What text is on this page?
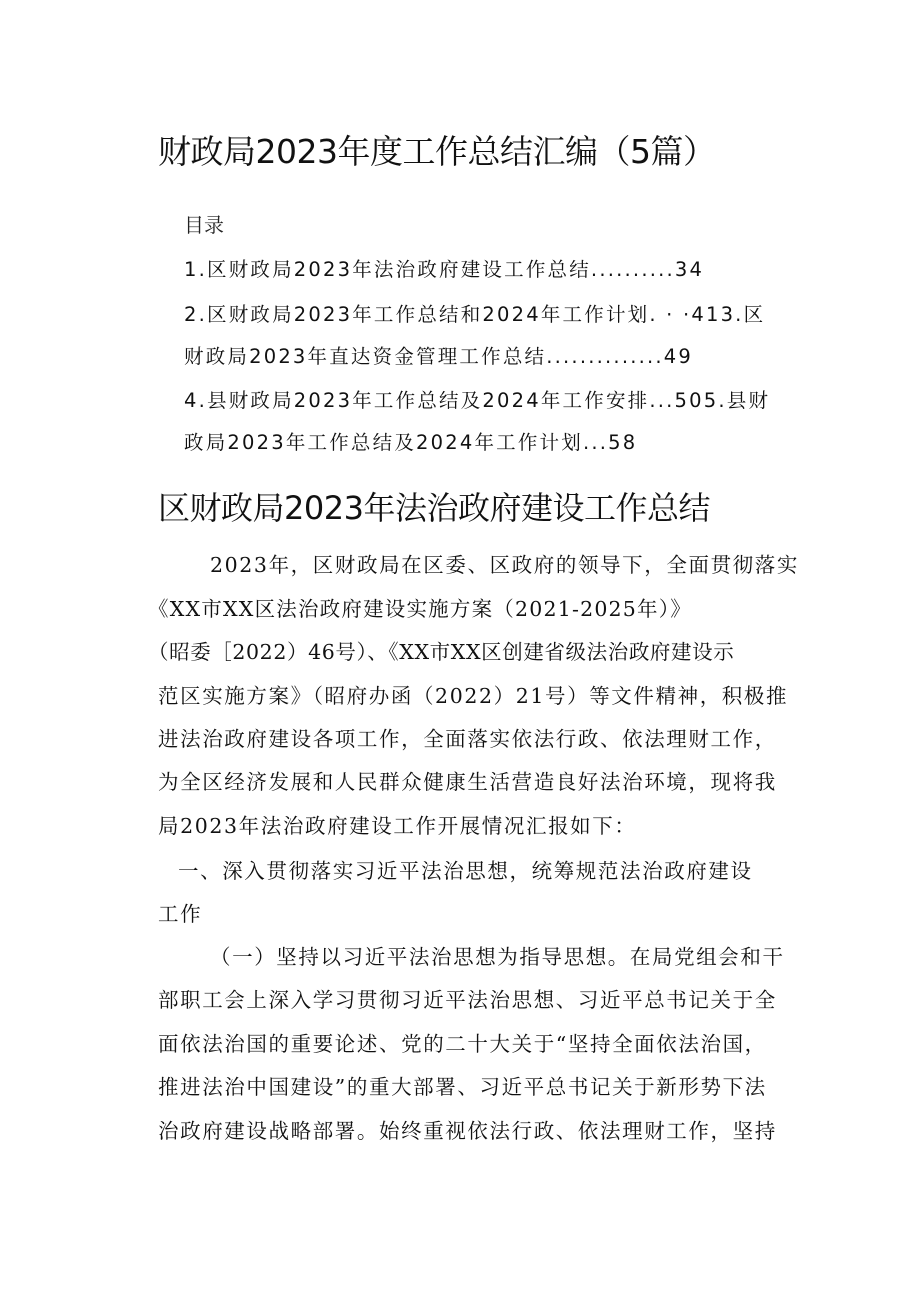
财政局2023年度工作总结汇编（5篇）
目录
1.区财政局2023年法治政府建设工作总结..........34
2.区财政局2023年工作总结和2024年工作计划. · ·413.区
财政局2023年直达资金管理工作总结..............49
4.县财政局2023年工作总结及2024年工作安排...505.县财
政局2023年工作总结及2024年工作计划...58
区财政局2023年法治政府建设工作总结
2023年，区财政局在区委、区政府的领导下，全面贯彻落实
《XX市XX区法治政府建设实施方案（2021-2025年）》
（昭委［2022）46号）、《XX市XX区创建省级法治政府建设示
范区实施方案》（昭府办函（2022）21号）等文件精神，积极推
进法治政府建设各项工作，全面落实依法行政、依法理财工作，
为全区经济发展和人民群众健康生活营造良好法治环境，现将我
局2023年法治政府建设工作开展情况汇报如下：
一、深入贯彻落实习近平法治思想，统筹规范法治政府建设
工作
（一）坚持以习近平法治思想为指导思想。在局党组会和干
部职工会上深入学习贯彻习近平法治思想、习近平总书记关于全
面依法治国的重要论述、党的二十大关于“坚持全面依法治国，
推进法治中国建设”的重大部署、习近平总书记关于新形势下法
治政府建设战略部署。始终重视依法行政、依法理财工作，坚持
